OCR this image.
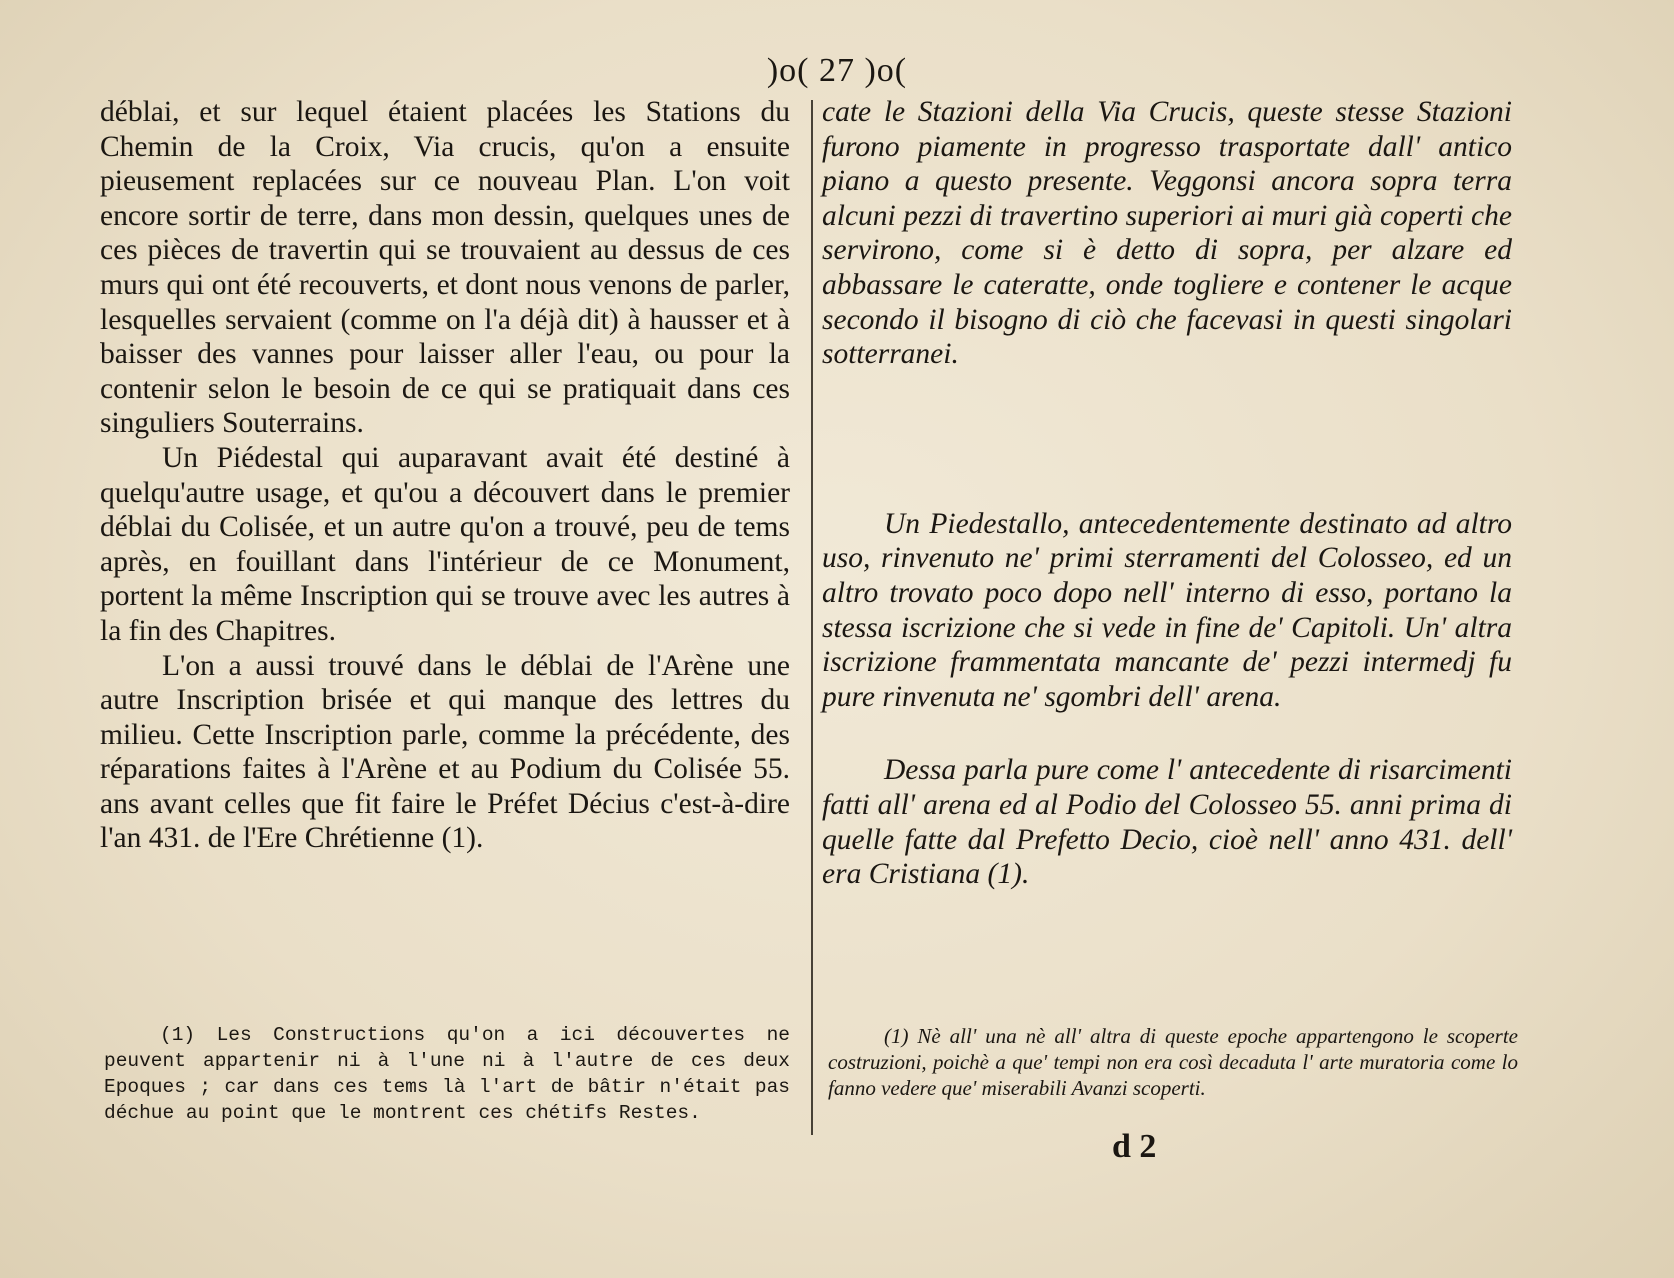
)o( 27 )o(

déblai, et sur lequel étaient placées les Stations du Chemin de la Croix, Via crucis, qu'on a ensuite pieusement replacées sur ce nouveau Plan. L'on voit encore sortir de terre, dans mon dessin, quelques unes de ces pièces de travertin qui se trouvaient au dessus de ces murs qui ont été recouverts, et dont nous venons de parler, lesquelles servaient (comme on l'a déjà dit) à hausser et à baisser des vannes pour laisser aller l'eau, ou pour la contenir selon le besoin de ce qui se pratiquait dans ces singuliers Souterrains.

Un Piédestal qui auparavant avait été destiné à quelqu'autre usage, et qu'ou a découvert dans le premier déblai du Colisée, et un autre qu'on a trouvé, peu de tems après, en fouillant dans l'intérieur de ce Monument, portent la même Inscription qui se trouve avec les autres à la fin des Chapitres.

L'on a aussi trouvé dans le déblai de l'Arène une autre Inscription brisée et qui manque des lettres du milieu. Cette Inscription parle, comme la précédente, des réparations faites à l'Arène et au Podium du Colisée 55. ans avant celles que fit faire le Préfet Décius c'est-à-dire l'an 431. de l'Ere Chrétienne (1).

cate le Stazioni della Via Crucis, queste stesse Stazioni furono piamente in progresso trasportate dall' antico piano a questo presente. Veggonsi ancora sopra terra alcuni pezzi di travertino superiori ai muri già coperti che servirono, come si è detto di sopra, per alzare ed abbassare le cateratte, onde togliere e contener le acque secondo il bisogno di ciò che facevasi in questi singolari sotterranei.

Un Piedestallo, antecedentemente destinato ad altro uso, rinvenuto ne' primi sterramenti del Colosseo, ed un altro trovato poco dopo nell' interno di esso, portano la stessa iscrizione che si vede in fine de' Capitoli. Un' altra iscrizione frammentata mancante de' pezzi intermedj fu pure rinvenuta ne' sgombri dell' arena.

Dessa parla pure come l' antecedente di risarcimenti fatti all' arena ed al Podio del Colosseo 55. anni prima di quelle fatte dal Prefetto Decio, cioè nell' anno 431. dell' era Cristiana (1).

(1) Les Constructions qu'on a ici découvertes ne peuvent appartenir ni à l'une ni à l'autre de ces deux Epoques ; car dans ces tems là l'art de bâtir n'était pas déchue au point que le montrent ces chétifs Restes.
(1) Nè all' una nè all' altra di queste epoche appartengono le scoperte costruzioni, poichè a que' tempi non era così decaduta l' arte muratoria come lo fanno vedere que' miserabili Avanzi scoperti.
d 2
